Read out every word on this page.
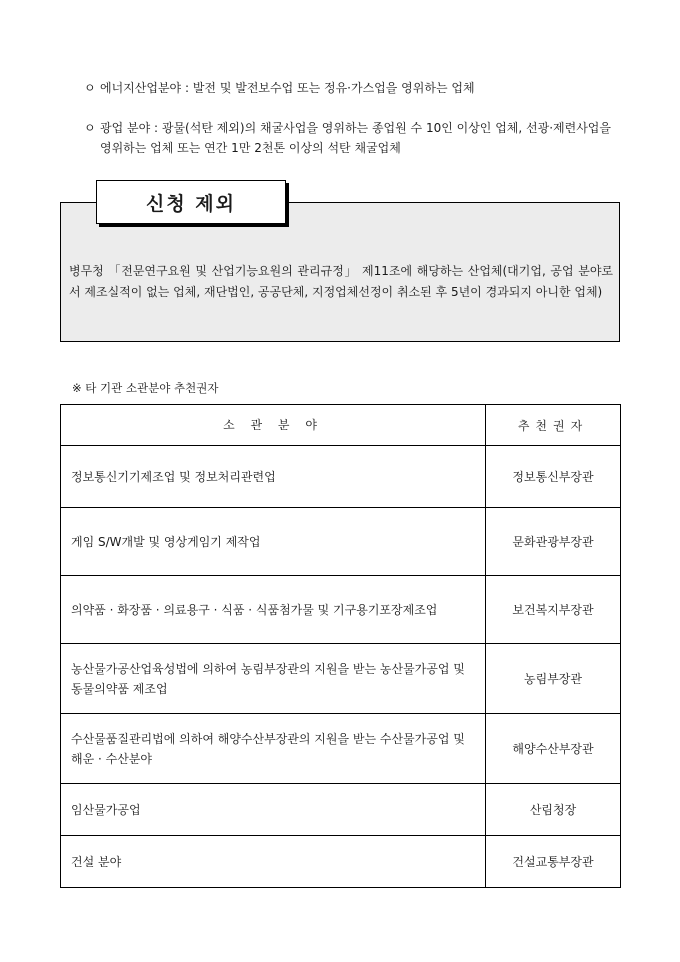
ㅇ 에너지산업분야 : 발전 및 발전보수업 또는 정유·가스업을 영위하는 업체
ㅇ 광업 분야 : 광물(석탄 제외)의 채굴사업을 영위하는 종업원 수 10인 이상인 업체, 선광·제련사업을 영위하는 업체 또는 연간 1만 2천톤 이상의 석탄 채굴업체
신청 제외
병무청 「전문연구요원 및 산업기능요원의 관리규정」 제11조에 해당하는 산업체(대기업, 공업 분야로서 제조실적이 없는 업체, 재단법인, 공공단체, 지정업체선정이 취소된 후 5년이 경과되지 아니한 업체)
※ 타 기관 소관분야 추천권자
소 관 분 야	추천권자
정보통신기기제조업 및 정보처리관련업	정보통신부장관
게임 S/W개발 및 영상게임기 제작업	문화관광부장관
의약품 · 화장품 · 의료용구 · 식품 · 식품첨가물 및 기구용기포장제조업	보건복지부장관
농산물가공산업육성법에 의하여 농림부장관의 지원을 받는 농산물가공업 및 동물의약품 제조업	농림부장관
수산물품질관리법에 의하여 해양수산부장관의 지원을 받는 수산물가공업 및 해운 · 수산분야	해양수산부장관
임산물가공업	산림청장
건설 분야	건설교통부장관
